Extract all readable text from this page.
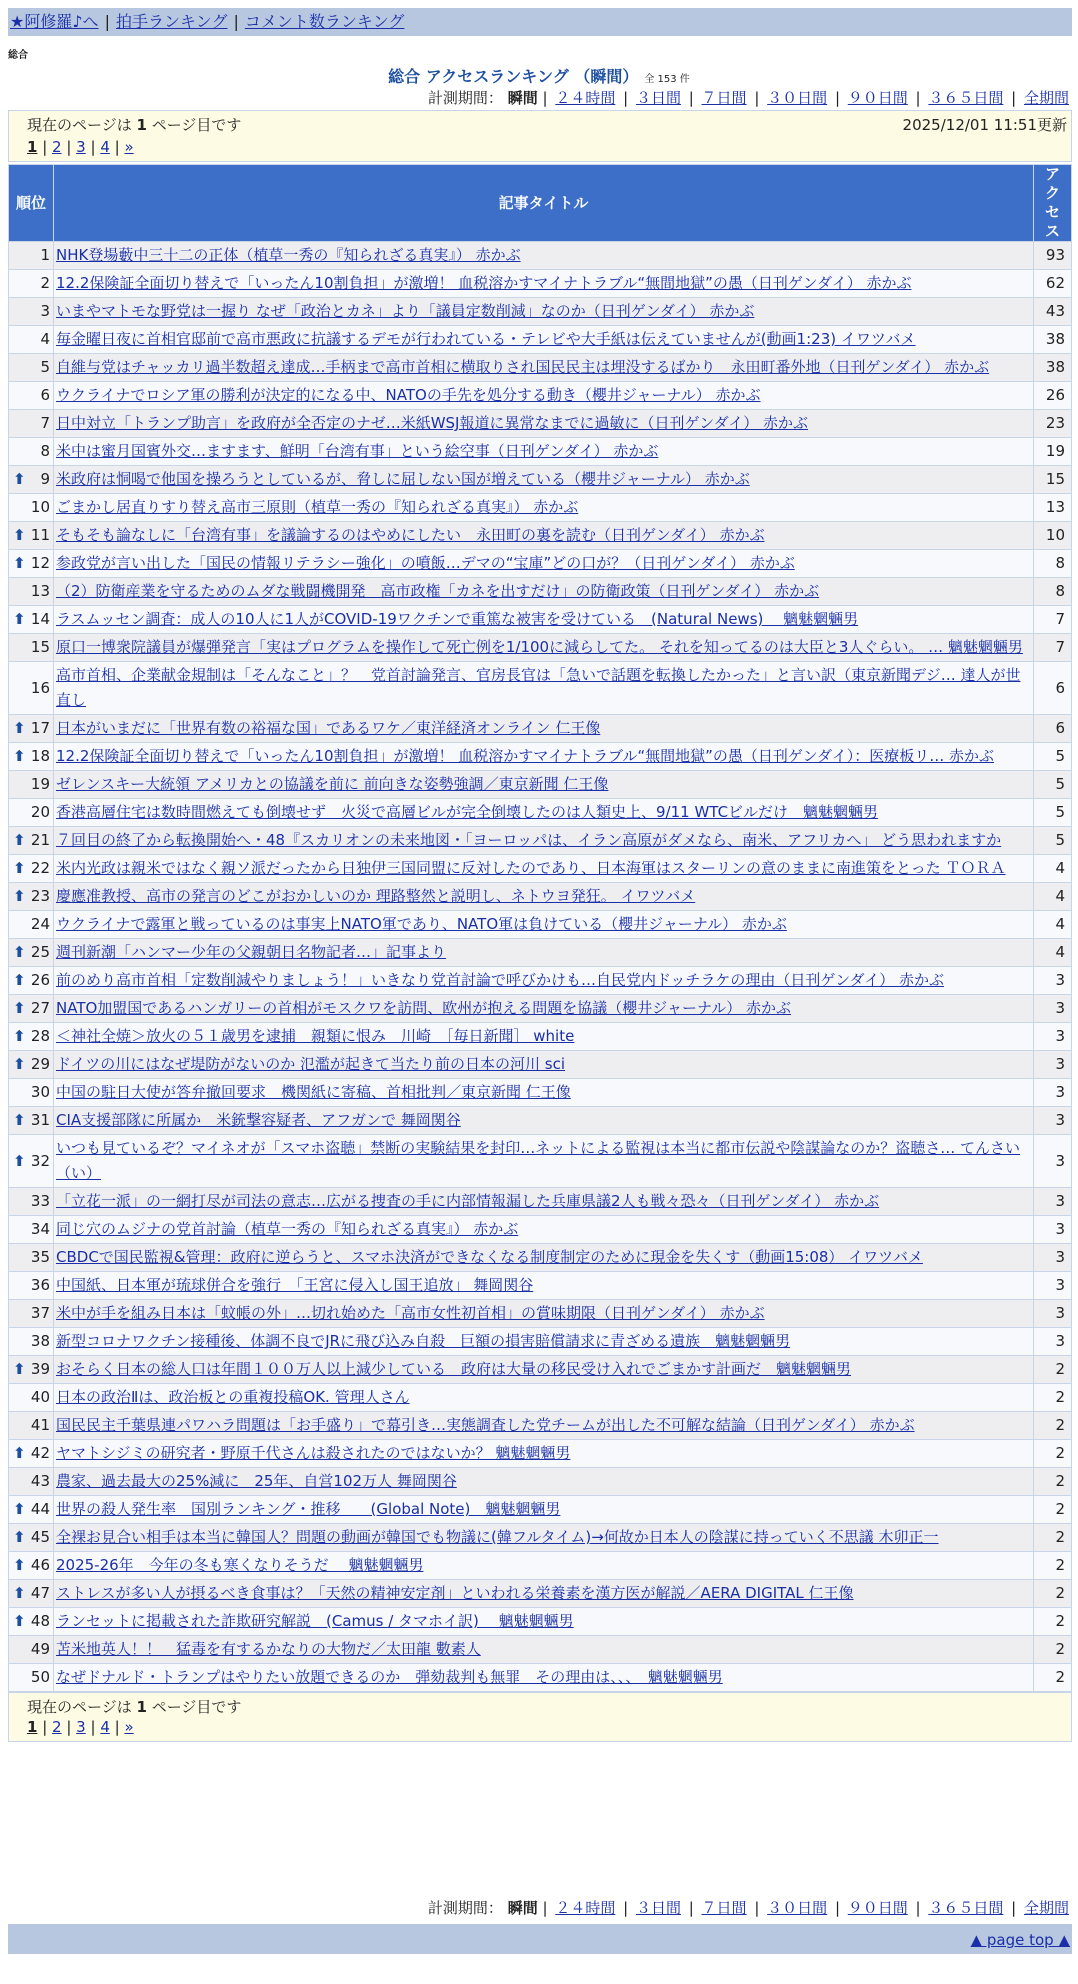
★阿修羅♪へ | 拍手ランキング | コメント数ランキング
総合
総合 アクセスランキング （瞬間） 全 153 件
計測期間： 瞬間 | ２４時間 | ３日間 | ７日間 | ３０日間 | ９０日間 | ３６５日間 | 全期間
現在のページは 1 ページ目です	2025/12/01 11:51更新
1 | 2 | 3 | 4 | »
順位	記事タイトル	アクセス
1	NHK登場藪中三十二の正体（植草一秀の『知られざる真実』） 赤かぶ	93
2	12.2保険証全面切り替えで「いったん10割負担」が激増！ 血税溶かすマイナトラブル“無間地獄”の愚（日刊ゲンダイ） 赤かぶ	62
3	いまやマトモな野党は一握り なぜ「政治とカネ」より「議員定数削減」なのか（日刊ゲンダイ） 赤かぶ	43
4	毎金曜日夜に首相官邸前で高市悪政に抗議するデモが行われている・テレビや大手紙は伝えていませんが(動画1:23) イワツバメ	38
5	自維与党はチャッカリ過半数超え達成…手柄まで高市首相に横取りされ国民民主は埋没するばかり　永田町番外地（日刊ゲンダイ） 赤かぶ	38
6	ウクライナでロシア軍の勝利が決定的になる中、NATOの手先を処分する動き（櫻井ジャーナル） 赤かぶ	26
7	日中対立「トランプ助言」を政府が全否定のナゼ…米紙WSJ報道に異常なまでに過敏に（日刊ゲンダイ） 赤かぶ	23
8	米中は蜜月国賓外交…ますます、鮮明「台湾有事」という絵空事（日刊ゲンダイ） 赤かぶ	19

⬆ 9	米政府は恫喝で他国を操ろうとしているが、脅しに屈しない国が増えている（櫻井ジャーナル） 赤かぶ	15
10	ごまかし居直りすり替え高市三原則（植草一秀の『知られざる真実』） 赤かぶ	13

⬆ 11	そもそも論なしに「台湾有事」を議論するのはやめにしたい　永田町の裏を読む（日刊ゲンダイ） 赤かぶ	10

⬆ 12	参政党が言い出した「国民の情報リテラシー強化」の噴飯…デマの“宝庫”どの口が？（日刊ゲンダイ） 赤かぶ	8
13	（2）防衛産業を守るためのムダな戦闘機開発　高市政権「カネを出すだけ」の防衛政策（日刊ゲンダイ） 赤かぶ	8

⬆ 14	ラスムッセン調査：成人の10人に1人がCOVID-19ワクチンで重篤な被害を受けている　(Natural News)　 魑魅魍魎男	7
15	原口一博衆院議員が爆弾発言「実はプログラムを操作して死亡例を1/100に減らしてた。 それを知ってるのは大臣と3人ぐらい。 … 魑魅魍魎男	7
16	高市首相、企業献金規制は「そんなこと」？　党首討論発言、官房長官は「急いで話題を転換したかった」と言い訳（東京新聞デジ… 達人が世直し	6

⬆ 17	日本がいまだに「世界有数の裕福な国」であるワケ／東洋経済オンライン 仁王像	6

⬆ 18	12.2保険証全面切り替えで「いったん10割負担」が激増！ 血税溶かすマイナトラブル“無間地獄”の愚（日刊ゲンダイ）：医療板リ… 赤かぶ	5
19	ゼレンスキー大統領 アメリカとの協議を前に 前向きな姿勢強調／東京新聞 仁王像	5
20	香港高層住宅は数時間燃えても倒壊せず　火災で高層ビルが完全倒壊したのは人類史上、9/11 WTCビルだけ　魑魅魍魎男	5

⬆ 21	７回目の終了から転換開始へ・48『スカリオンの未来地図・「ヨーロッパは、イラン高原がダメなら、南米、アフリカへ」 どう思われますか	5

⬆ 22	米内光政は親米ではなく親ソ派だったから日独伊三国同盟に反対したのであり、日本海軍はスターリンの意のままに南進策をとった ＴＯＲＡ	4

⬆ 23	慶應准教授、高市の発言のどこがおかしいのか 理路整然と説明し、ネトウヨ発狂。 イワツバメ	4
24	ウクライナで露軍と戦っているのは事実上NATO軍であり、NATO軍は負けている（櫻井ジャーナル） 赤かぶ	4

⬆ 25	週刊新潮「ハンマー少年の父親朝日名物記者…」記事より	4

⬆ 26	前のめり高市首相「定数削減やりましょう！」いきなり党首討論で呼びかけも…自民党内ドッチラケの理由（日刊ゲンダイ） 赤かぶ	3

⬆ 27	NATO加盟国であるハンガリーの首相がモスクワを訪問、欧州が抱える問題を協議（櫻井ジャーナル） 赤かぶ	3

⬆ 28	＜神社全焼＞放火の５１歳男を逮捕　親類に恨み　川崎　［毎日新聞］ white	3

⬆ 29	ドイツの川にはなぜ堤防がないのか 氾濫が起きて当たり前の日本の河川 sci	3
30	中国の駐日大使が答弁撤回要求　機関紙に寄稿、首相批判／東京新聞 仁王像	3

⬆ 31	CIA支援部隊に所属か　米銃撃容疑者、アフガンで 舞岡関谷	3

⬆ 32	いつも見ているぞ？マイネオが「スマホ盗聴」禁断の実験結果を封印…ネットによる監視は本当に都市伝説や陰謀論なのか？盗聴さ… てんさい（い）	3
33	「立花一派」の一網打尽が司法の意志…広がる捜査の手に内部情報漏した兵庫県議2人も戦々恐々（日刊ゲンダイ） 赤かぶ	3
34	同じ穴のムジナの党首討論（植草一秀の『知られざる真実』） 赤かぶ	3
35	CBDCで国民監視&管理：政府に逆らうと、スマホ決済ができなくなる制度制定のために現金を失くす（動画15:08） イワツバメ	3
36	中国紙、日本軍が琉球併合を強行　「王宮に侵入し国王追放」 舞岡関谷	3
37	米中が手を組み日本は「蚊帳の外」…切れ始めた「高市女性初首相」の賞味期限（日刊ゲンダイ） 赤かぶ	3
38	新型コロナワクチン接種後、体調不良でJRに飛び込み自殺　巨額の損害賠償請求に青ざめる遺族　魑魅魍魎男	3

⬆ 39	おそらく日本の総人口は年間１００万人以上減少している　政府は大量の移民受け入れでごまかす計画だ　魑魅魍魎男	2
40	日本の政治Ⅱは、政治板との重複投稿OK. 管理人さん	2
41	国民民主千葉県連パワハラ問題は「お手盛り」で幕引き…実態調査した党チームが出した不可解な結論（日刊ゲンダイ） 赤かぶ	2

⬆ 42	ヤマトシジミの研究者・野原千代さんは殺されたのではないか？ 魑魅魍魎男	2
43	農家、過去最大の25%減に　25年、自営102万人 舞岡関谷	2

⬆ 44	世界の殺人発生率　国別ランキング・推移　　(Global Note)　魑魅魍魎男	2

⬆ 45	全裸お見合い相手は本当に韓国人？問題の動画が韓国でも物議に(韓フルタイム)→何故か日本人の陰謀に持っていく不思議 木卯正一	2

⬆ 46	2025-26年　今年の冬も寒くなりそうだ　 魑魅魍魎男	2

⬆ 47	ストレスが多い人が摂るべき食事は？「天然の精神安定剤」といわれる栄養素を漢方医が解説／AERA DIGITAL 仁王像	2

⬆ 48	ランセットに掲載された詐欺研究解説　(Camus / タマホイ訳)　 魑魅魍魎男	2
49	苫米地英人！！　猛毒を有するかなりの大物だ／太田龍 數素人	2
50	なぜドナルド・トランプはやりたい放題できるのか　弾劾裁判も無罪　その理由は、、、　魑魅魍魎男	2
現在のページは 1 ページ目です
1 | 2 | 3 | 4 | »
計測期間： 瞬間 | ２４時間 | ３日間 | ７日間 | ３０日間 | ９０日間 | ３６５日間 | 全期間
▲ page top ▲
